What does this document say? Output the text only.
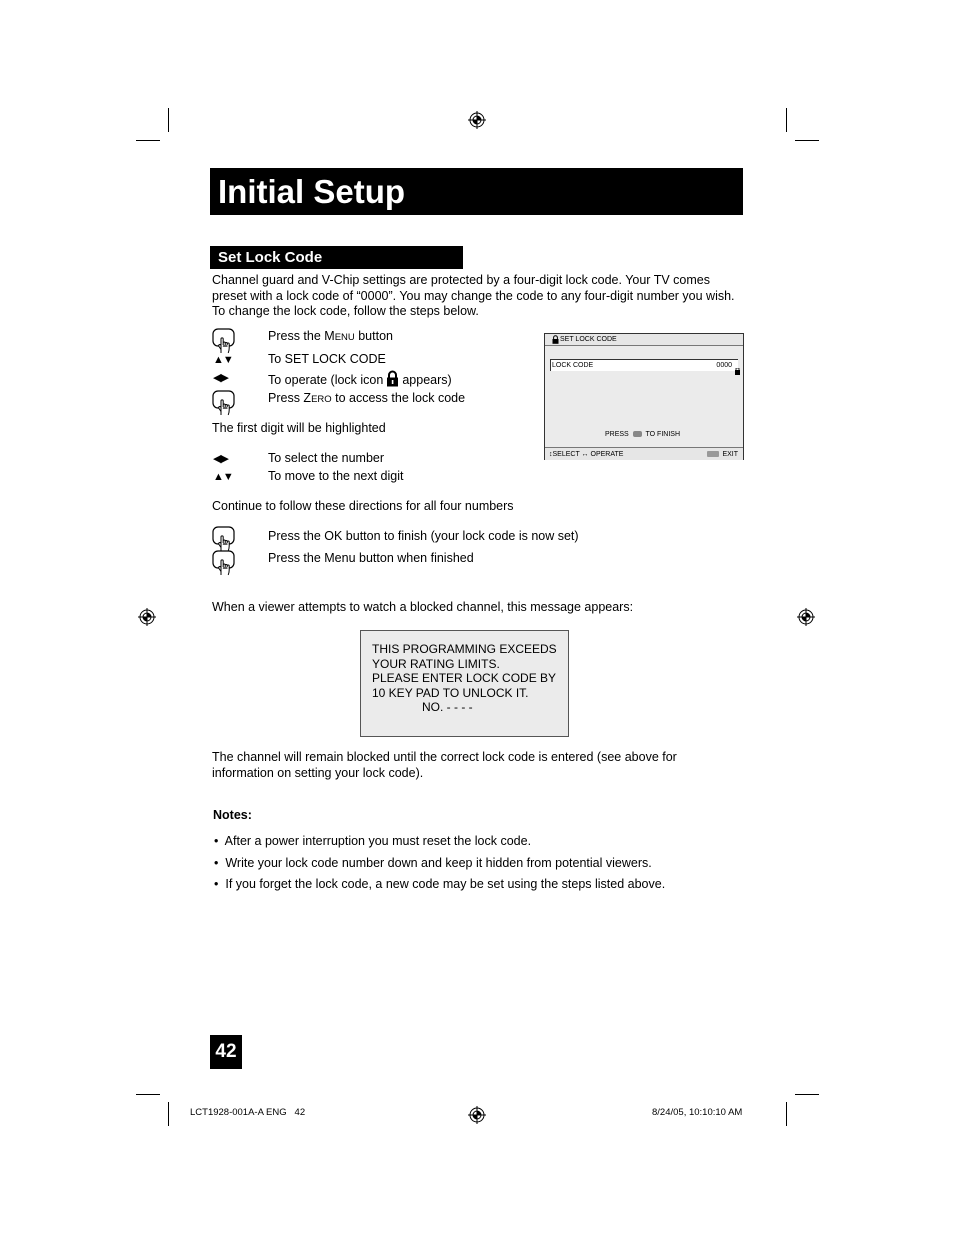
Initial Setup
Set Lock Code

Channel guard and V-Chip settings are protected by a four-digit lock code. Your TV comes

preset with a lock code of “0000”. You may change the code to any four-digit number you wish.

To change the lock code, follow the steps below.

Press the MENU button
▲▼	To SET LOCK CODE
◀▶	To operate (lock icon appears)
Press ZERO to access the lock code
The first digit will be highlighted
◀▶	To select the number
▲▼	To move to the next digit
Continue to follow these directions for all four numbers
Press the OK button to finish (your lock code is now set)
Press the Menu button when finished
SET LOCK CODE
LOCK CODE	0000
PRESS TO FINISH
↕SELECT ↔ OPERATE	EXIT
When a viewer attempts to watch a blocked channel, this message appears:
THIS PROGRAMMING EXCEEDS
YOUR RATING LIMITS.
PLEASE ENTER LOCK CODE BY
10 KEY PAD TO UNLOCK IT.
NO. - - - -
The channel will remain blocked until the correct lock code is entered (see above for
information on setting your lock code).
Notes:
• After a power interruption you must reset the lock code.
• Write your lock code number down and keep it hidden from potential viewers.
• If you forget the lock code, a new code may be set using the steps listed above.
42
LCT1928-001A-A ENG   42	8/24/05, 10:10:10 AM
